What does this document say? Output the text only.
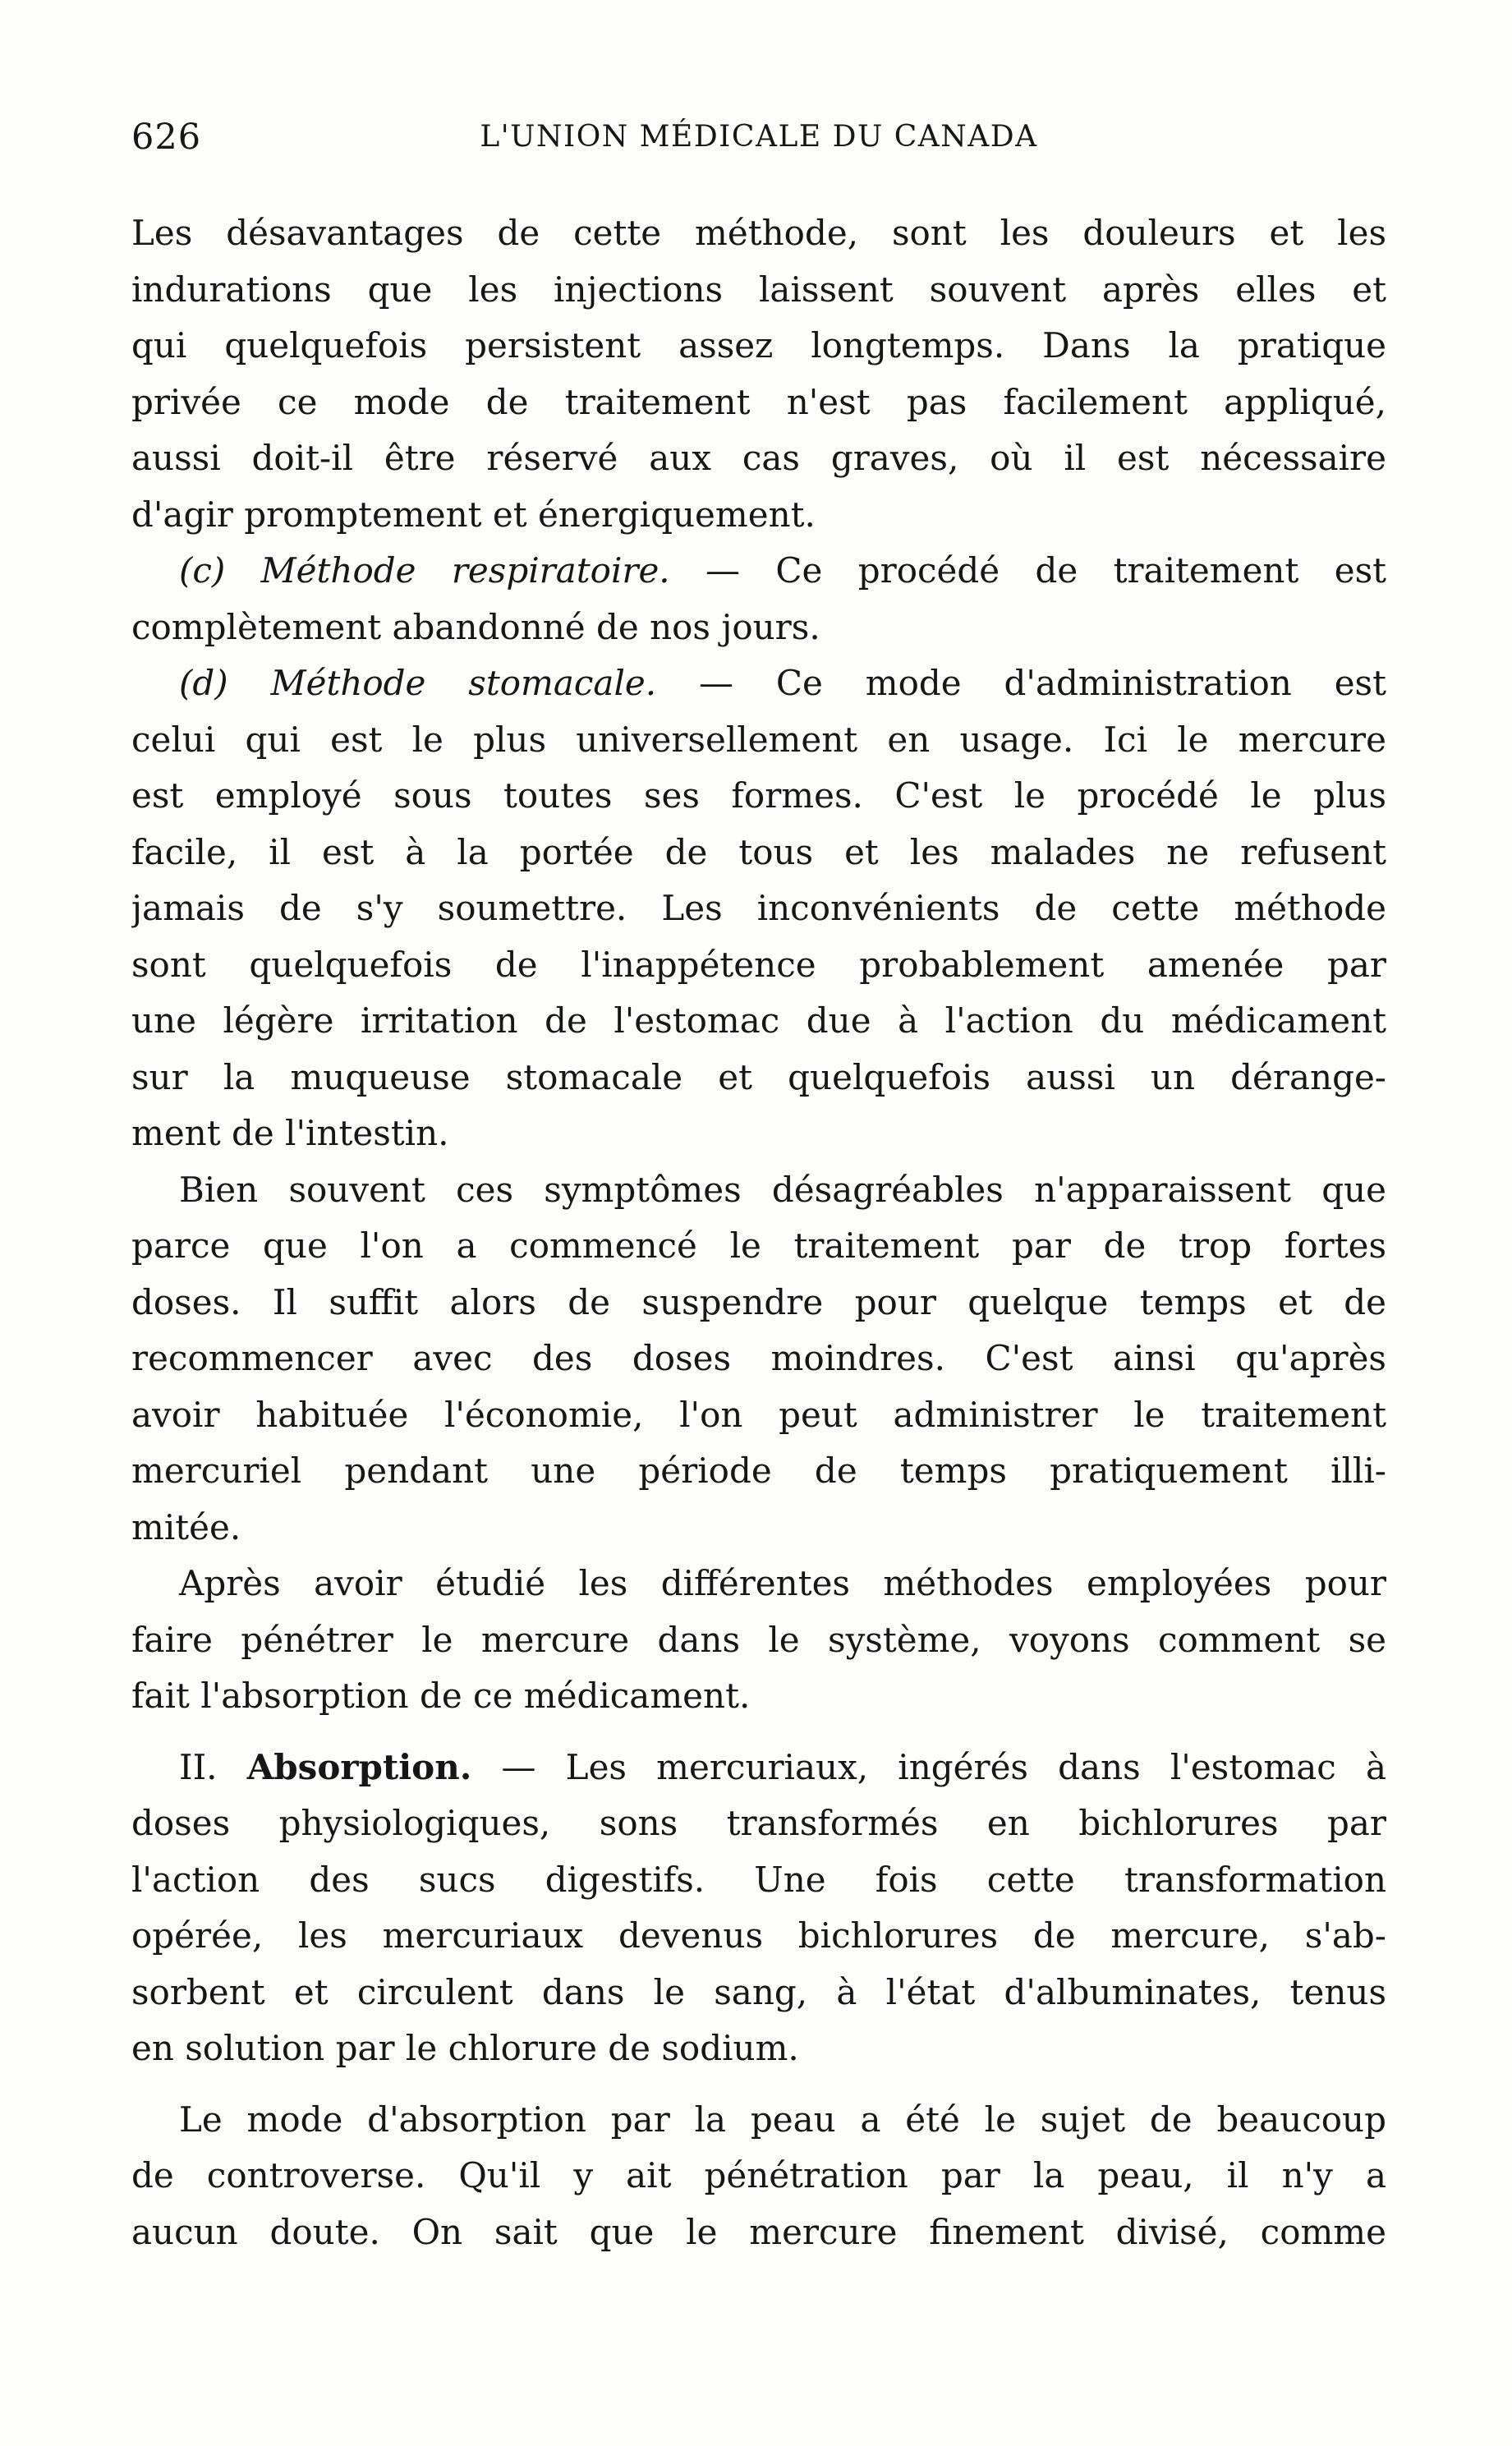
626	L'UNION MÉDICALE DU CANADA
Les désavantages de cette méthode, sont les douleurs et les
indurations que les injections laissent souvent après elles et
qui quelquefois persistent assez longtemps. Dans la pratique
privée ce mode de traitement n'est pas facilement appliqué,
aussi doit-il être réservé aux cas graves, où il est nécessaire
d'agir promptement et énergiquement.
(c) Méthode respiratoire. — Ce procédé de traitement est
complètement abandonné de nos jours.
(d) Méthode stomacale. — Ce mode d'administration est
celui qui est le plus universellement en usage. Ici le mercure
est employé sous toutes ses formes. C'est le procédé le plus
facile, il est à la portée de tous et les malades ne refusent
jamais de s'y soumettre. Les inconvénients de cette méthode
sont quelquefois de l'inappétence probablement amenée par
une légère irritation de l'estomac due à l'action du médicament
sur la muqueuse stomacale et quelquefois aussi un dérange-
ment de l'intestin.
Bien souvent ces symptômes désagréables n'apparaissent que
parce que l'on a commencé le traitement par de trop fortes
doses. Il suffit alors de suspendre pour quelque temps et de
recommencer avec des doses moindres. C'est ainsi qu'après
avoir habituée l'économie, l'on peut administrer le traitement
mercuriel pendant une période de temps pratiquement illi-
mitée.
Après avoir étudié les différentes méthodes employées pour
faire pénétrer le mercure dans le système, voyons comment se
fait l'absorption de ce médicament.
II. Absorption. — Les mercuriaux, ingérés dans l'estomac à
doses physiologiques, sons transformés en bichlorures par
l'action des sucs digestifs. Une fois cette transformation
opérée, les mercuriaux devenus bichlorures de mercure, s'ab-
sorbent et circulent dans le sang, à l'état d'albuminates, tenus
en solution par le chlorure de sodium.
Le mode d'absorption par la peau a été le sujet de beaucoup
de controverse. Qu'il y ait pénétration par la peau, il n'y a
aucun doute. On sait que le mercure finement divisé, comme
